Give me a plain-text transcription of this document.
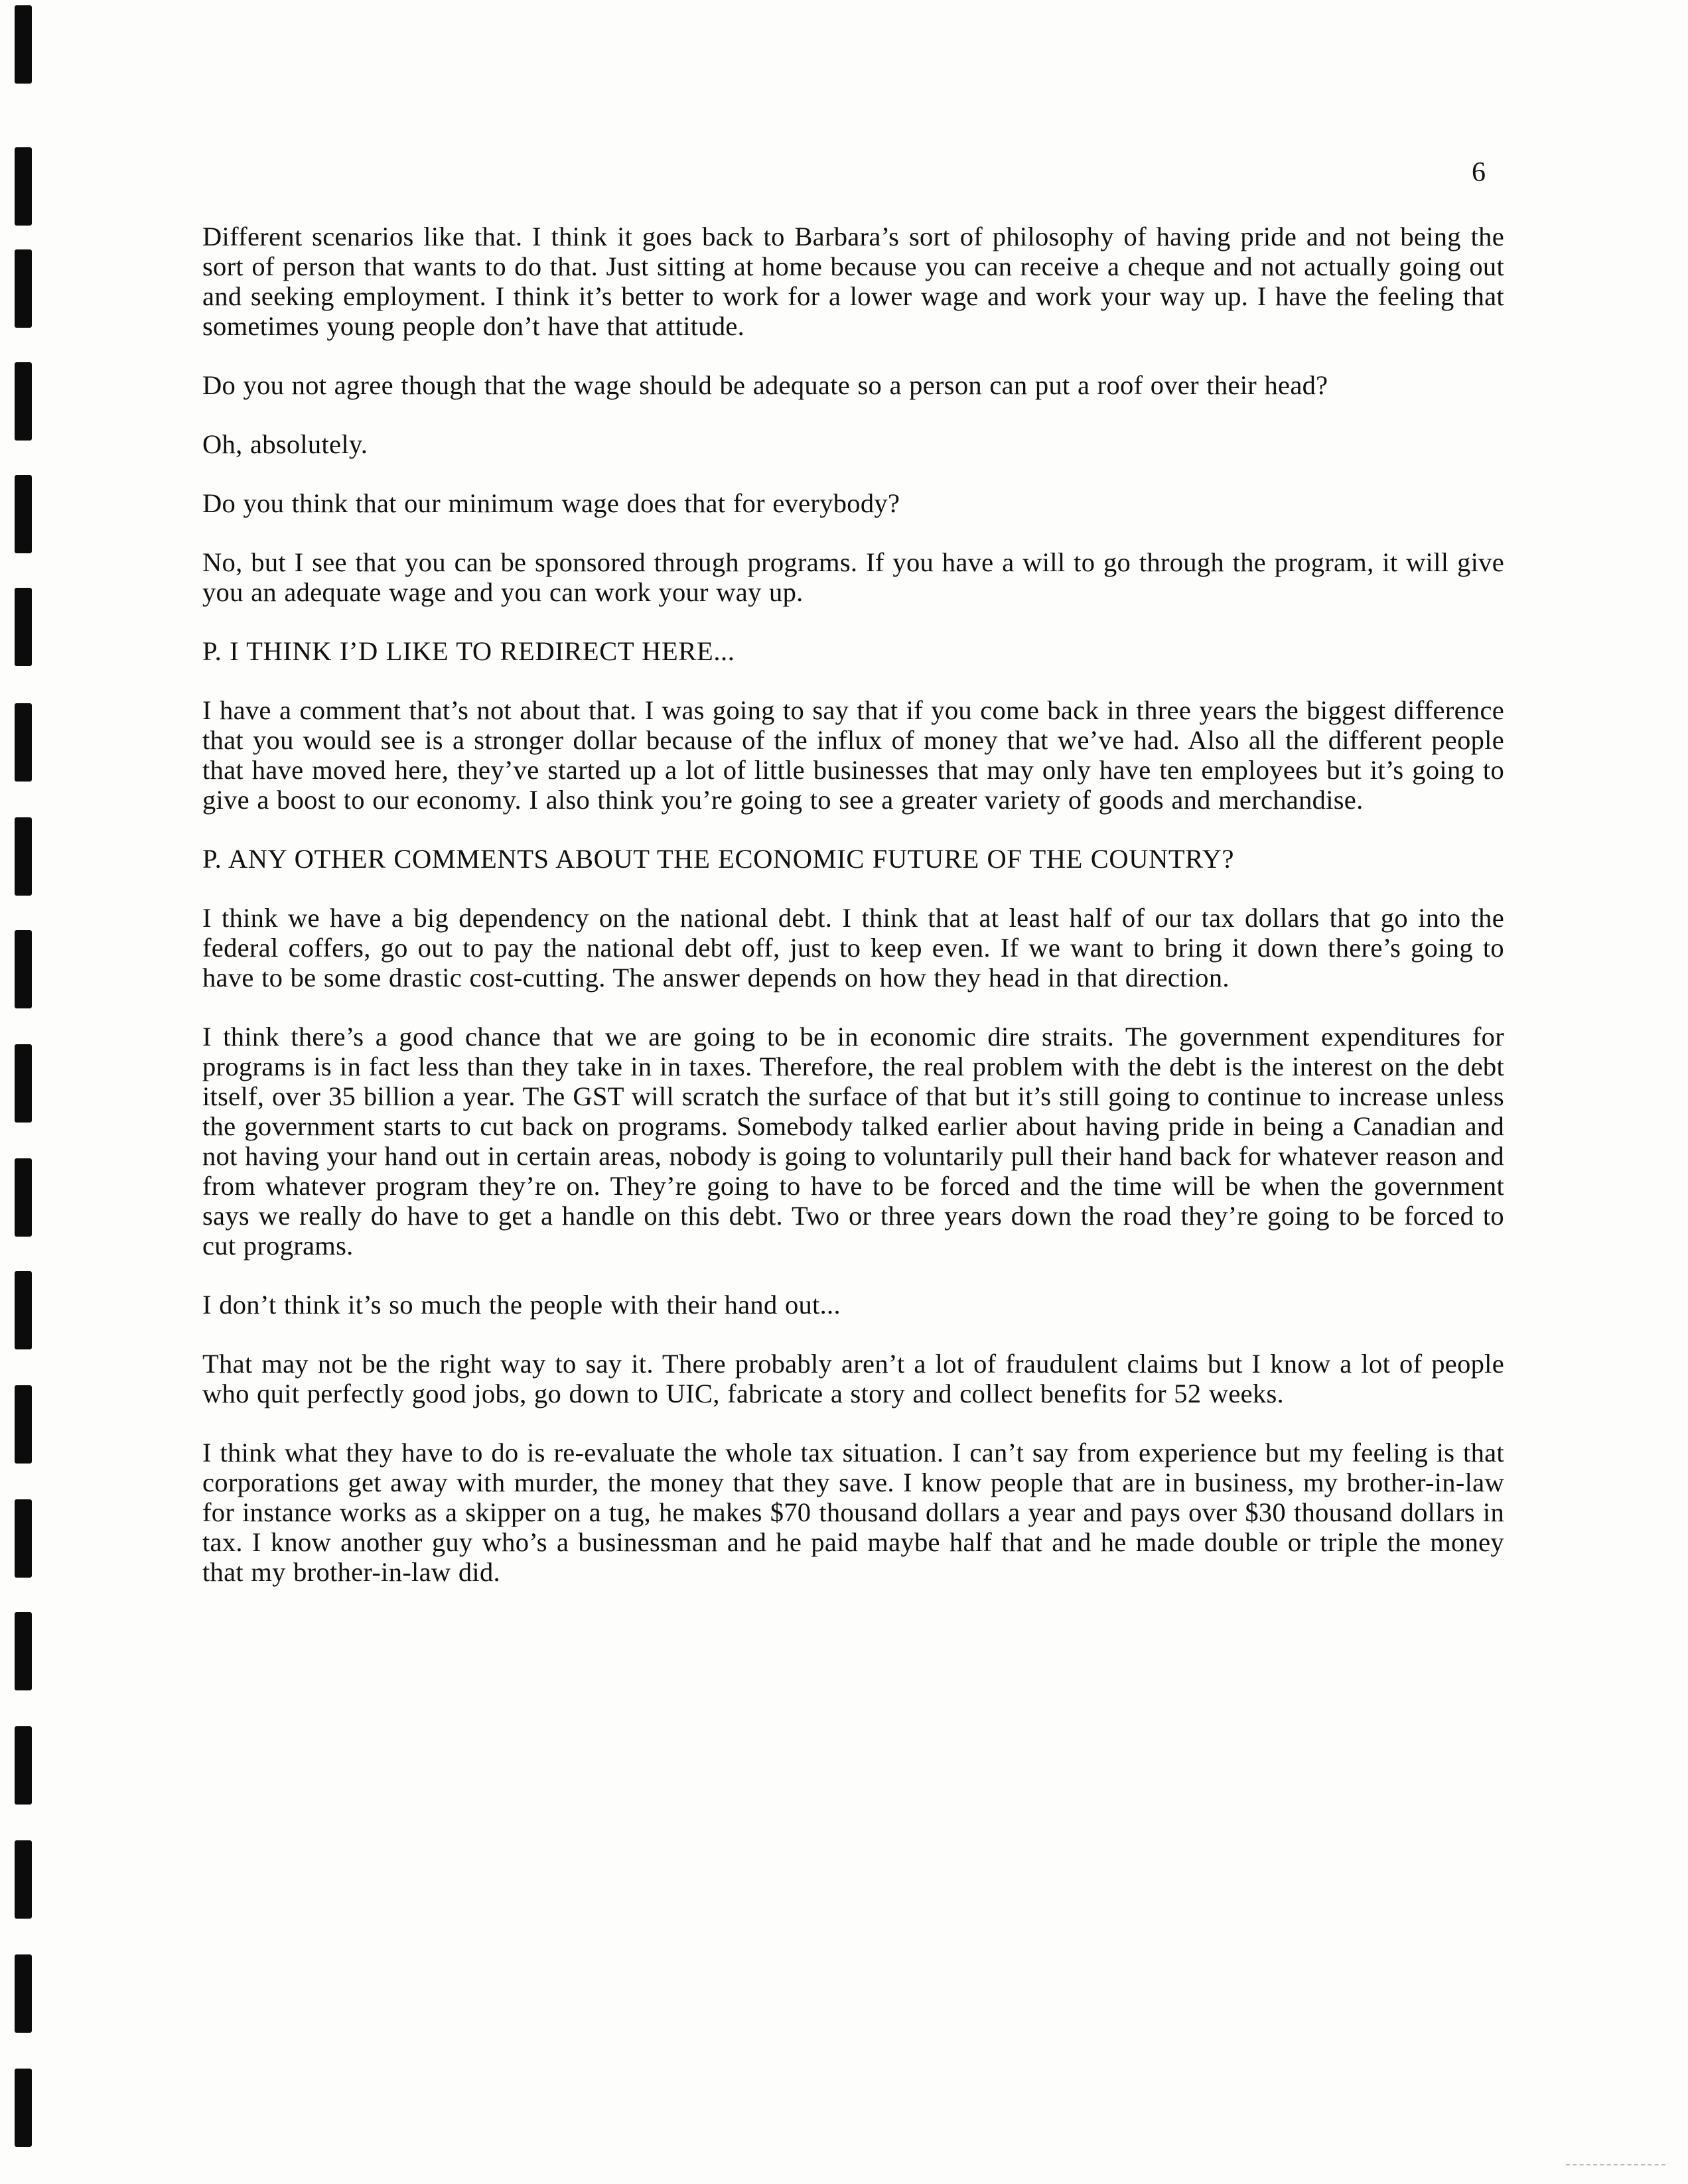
6

Different scenarios like that. I think it goes back to Barbara’s sort of philosophy of having pride and not being the sort of person that wants to do that. Just sitting at home because you can receive a cheque and not actually going out and seeking employment. I think it’s better to work for a lower wage and work your way up. I have the feeling that sometimes young people don’t have that attitude.

Do you not agree though that the wage should be adequate so a person can put a roof over their head?

Oh, absolutely.

Do you think that our minimum wage does that for everybody?

No, but I see that you can be sponsored through programs. If you have a will to go through the program, it will give you an adequate wage and you can work your way up.

P. I THINK I’D LIKE TO REDIRECT HERE...

I have a comment that’s not about that. I was going to say that if you come back in three years the biggest difference that you would see is a stronger dollar because of the influx of money that we’ve had. Also all the different people that have moved here, they’ve started up a lot of little businesses that may only have ten employees but it’s going to give a boost to our economy. I also think you’re going to see a greater variety of goods and merchandise.

P. ANY OTHER COMMENTS ABOUT THE ECONOMIC FUTURE OF THE COUNTRY?

I think we have a big dependency on the national debt. I think that at least half of our tax dollars that go into the federal coffers, go out to pay the national debt off, just to keep even. If we want to bring it down there’s going to have to be some drastic cost-cutting. The answer depends on how they head in that direction.

I think there’s a good chance that we are going to be in economic dire straits. The government expenditures for programs is in fact less than they take in in taxes. Therefore, the real problem with the debt is the interest on the debt itself, over 35 billion a year. The GST will scratch the surface of that but it’s still going to continue to increase unless the government starts to cut back on programs. Somebody talked earlier about having pride in being a Canadian and not having your hand out in certain areas, nobody is going to voluntarily pull their hand back for whatever reason and from whatever program they’re on. They’re going to have to be forced and the time will be when the government says we really do have to get a handle on this debt. Two or three years down the road they’re going to be forced to cut programs.

I don’t think it’s so much the people with their hand out...

That may not be the right way to say it. There probably aren’t a lot of fraudulent claims but I know a lot of people who quit perfectly good jobs, go down to UIC, fabricate a story and collect benefits for 52 weeks.

I think what they have to do is re-evaluate the whole tax situation. I can’t say from experience but my feeling is that corporations get away with murder, the money that they save. I know people that are in business, my brother-in-law for instance works as a skipper on a tug, he makes $70 thousand dollars a year and pays over $30 thousand dollars in tax. I know another guy who’s a businessman and he paid maybe half that and he made double or triple the money that my brother-in-law did.
